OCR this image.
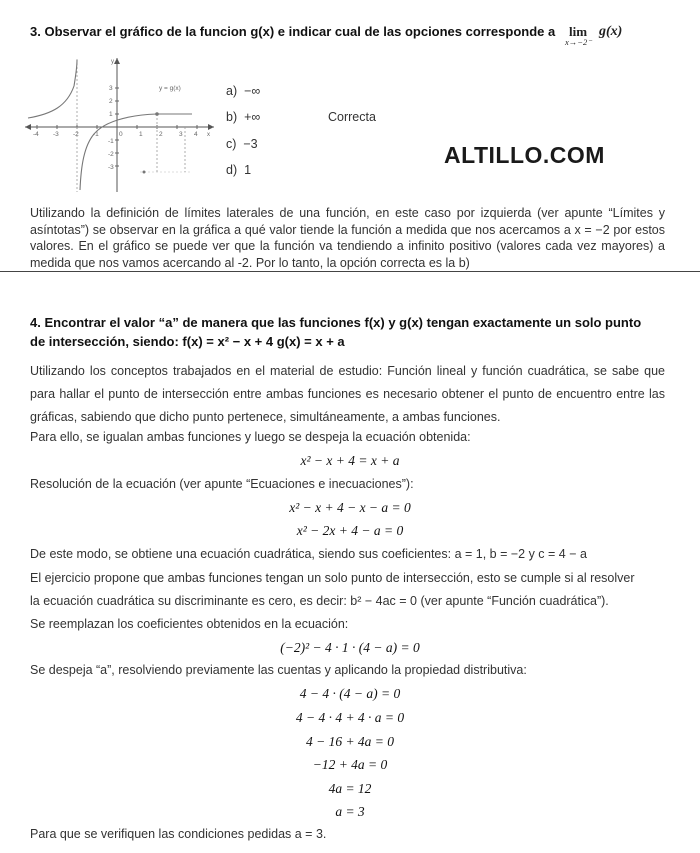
3. Observar el gráfico de la funcion g(x) e indicar cual de las opciones corresponde a lim
x→−2⁻
g(x)
y
x
-4 -3 -2 -1	0	1	2	3 4
3
2
1
-1
-2
-3
y = g(x)	a) −∞
b) +∞
c) −3
d) 1
Correcta
ALTILLO.COM
Utilizando la definición de límites laterales de una función, en este caso por izquierda (ver apunte “Límites y asíntotas”) se observar en la gráfica a qué valor tiende la función a medida que nos acercamos a x = −2 por estos valores. En el gráfico se puede ver que la función va tendiendo a infinito positivo (valores cada vez mayores) a medida que nos vamos acercando al -2. Por lo tanto, la opción correcta es la b)
4. Encontrar el valor “a” de manera que las funciones f(x) y g(x) tengan exactamente un solo punto
de intersección, siendo: f(x) = x² − x + 4 g(x) = x + a
Utilizando los conceptos trabajados en el material de estudio: Función lineal y función cuadrática, se sabe que para hallar el punto de intersección entre ambas funciones es necesario obtener el punto de encuentro entre las gráficas, sabiendo que dicho punto pertenece, simultáneamente, a ambas funciones.
Para ello, se igualan ambas funciones y luego se despeja la ecuación obtenida:
x² − x + 4 = x + a
Resolución de la ecuación (ver apunte “Ecuaciones e inecuaciones”):
x² − x + 4 − x − a = 0
x² − 2x + 4 − a = 0
De este modo, se obtiene una ecuación cuadrática, siendo sus coeficientes: a = 1, b = −2 y c = 4 − a
El ejercicio propone que ambas funciones tengan un solo punto de intersección, esto se cumple si al resolver
la ecuación cuadrática su discriminante es cero, es decir: b² − 4ac = 0 (ver apunte “Función cuadrática”).
Se reemplazan los coeficientes obtenidos en la ecuación:
(−2)² − 4 · 1 · (4 − a) = 0
Se despeja “a”, resolviendo previamente las cuentas y aplicando la propiedad distributiva:
4 − 4 · (4 − a) = 0
4 − 4 · 4 + 4 · a = 0
4 − 16 + 4a = 0
−12 + 4a = 0
4a = 12
a = 3
Para que se verifiquen las condiciones pedidas a = 3.
